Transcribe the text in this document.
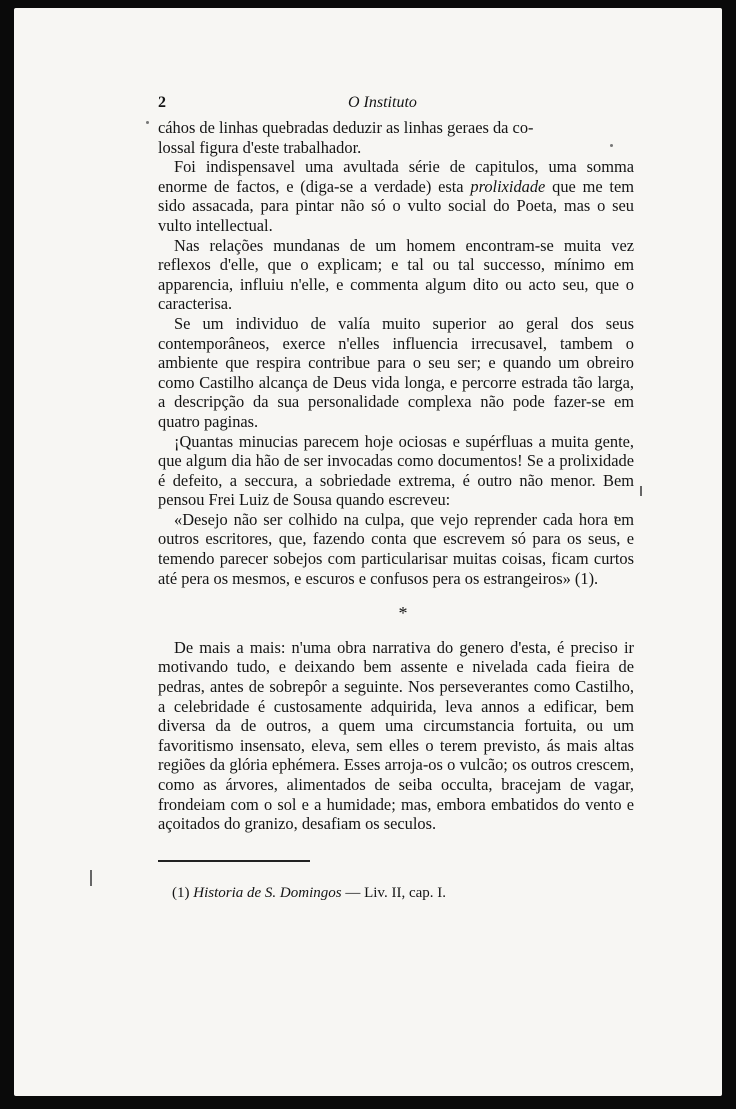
2	O Instituto

cáhos de linhas quebradas deduzir as linhas geraes da co-
lossal figura d'este trabalhador.

Foi indispensavel uma avultada série de capitulos, uma somma enorme de factos, e (diga-se a verdade) esta prolixidade que me tem sido assacada, para pintar não só o vulto social do Poeta, mas o seu vulto intellectual.

Nas relações mundanas de um homem encontram-se muita vez reflexos d'elle, que o explicam; e tal ou tal successo, mínimo em apparencia, influiu n'elle, e commenta algum dito ou acto seu, que o caracterisa.

Se um individuo de valía muito superior ao geral dos seus contemporâneos, exerce n'elles influencia irrecusavel, tambem o ambiente que respira contribue para o seu ser; e quando um obreiro como Castilho alcança de Deus vida longa, e percorre estrada tão larga, a descripção da sua personalidade complexa não pode fazer-se em quatro paginas.

¡Quantas minucias parecem hoje ociosas e supérfluas a muita gente, que algum dia hão de ser invocadas como documentos! Se a prolixidade é defeito, a seccura, a sobriedade extrema, é outro não menor. Bem pensou Frei Luiz de Sousa quando escreveu:

«Desejo não ser colhido na culpa, que vejo reprender cada hora em outros escritores, que, fazendo conta que escrevem só para os seus, e temendo parecer sobejos com particularisar muitas coisas, ficam curtos até pera os mesmos, e escuros e confusos pera os estrangeiros» (1).

*

De mais a mais: n'uma obra narrativa do genero d'esta, é preciso ir motivando tudo, e deixando bem assente e nivelada cada fieira de pedras, antes de sobrepôr a seguinte. Nos perseverantes como Castilho, a celebridade é custosamente adquirida, leva annos a edificar, bem diversa da de outros, a quem uma circumstancia fortuita, ou um favoritismo insensato, eleva, sem elles o terem previsto, ás mais altas regiões da glória ephémera. Esses arroja-os o vulcão; os outros crescem, como as árvores, alimentados de seiba occulta, bracejam de vagar, frondeiam com o sol e a humidade; mas, embora embatidos do vento e açoitados do granizo, desafiam os seculos.

(1) Historia de S. Domingos — Liv. II, cap. I.
